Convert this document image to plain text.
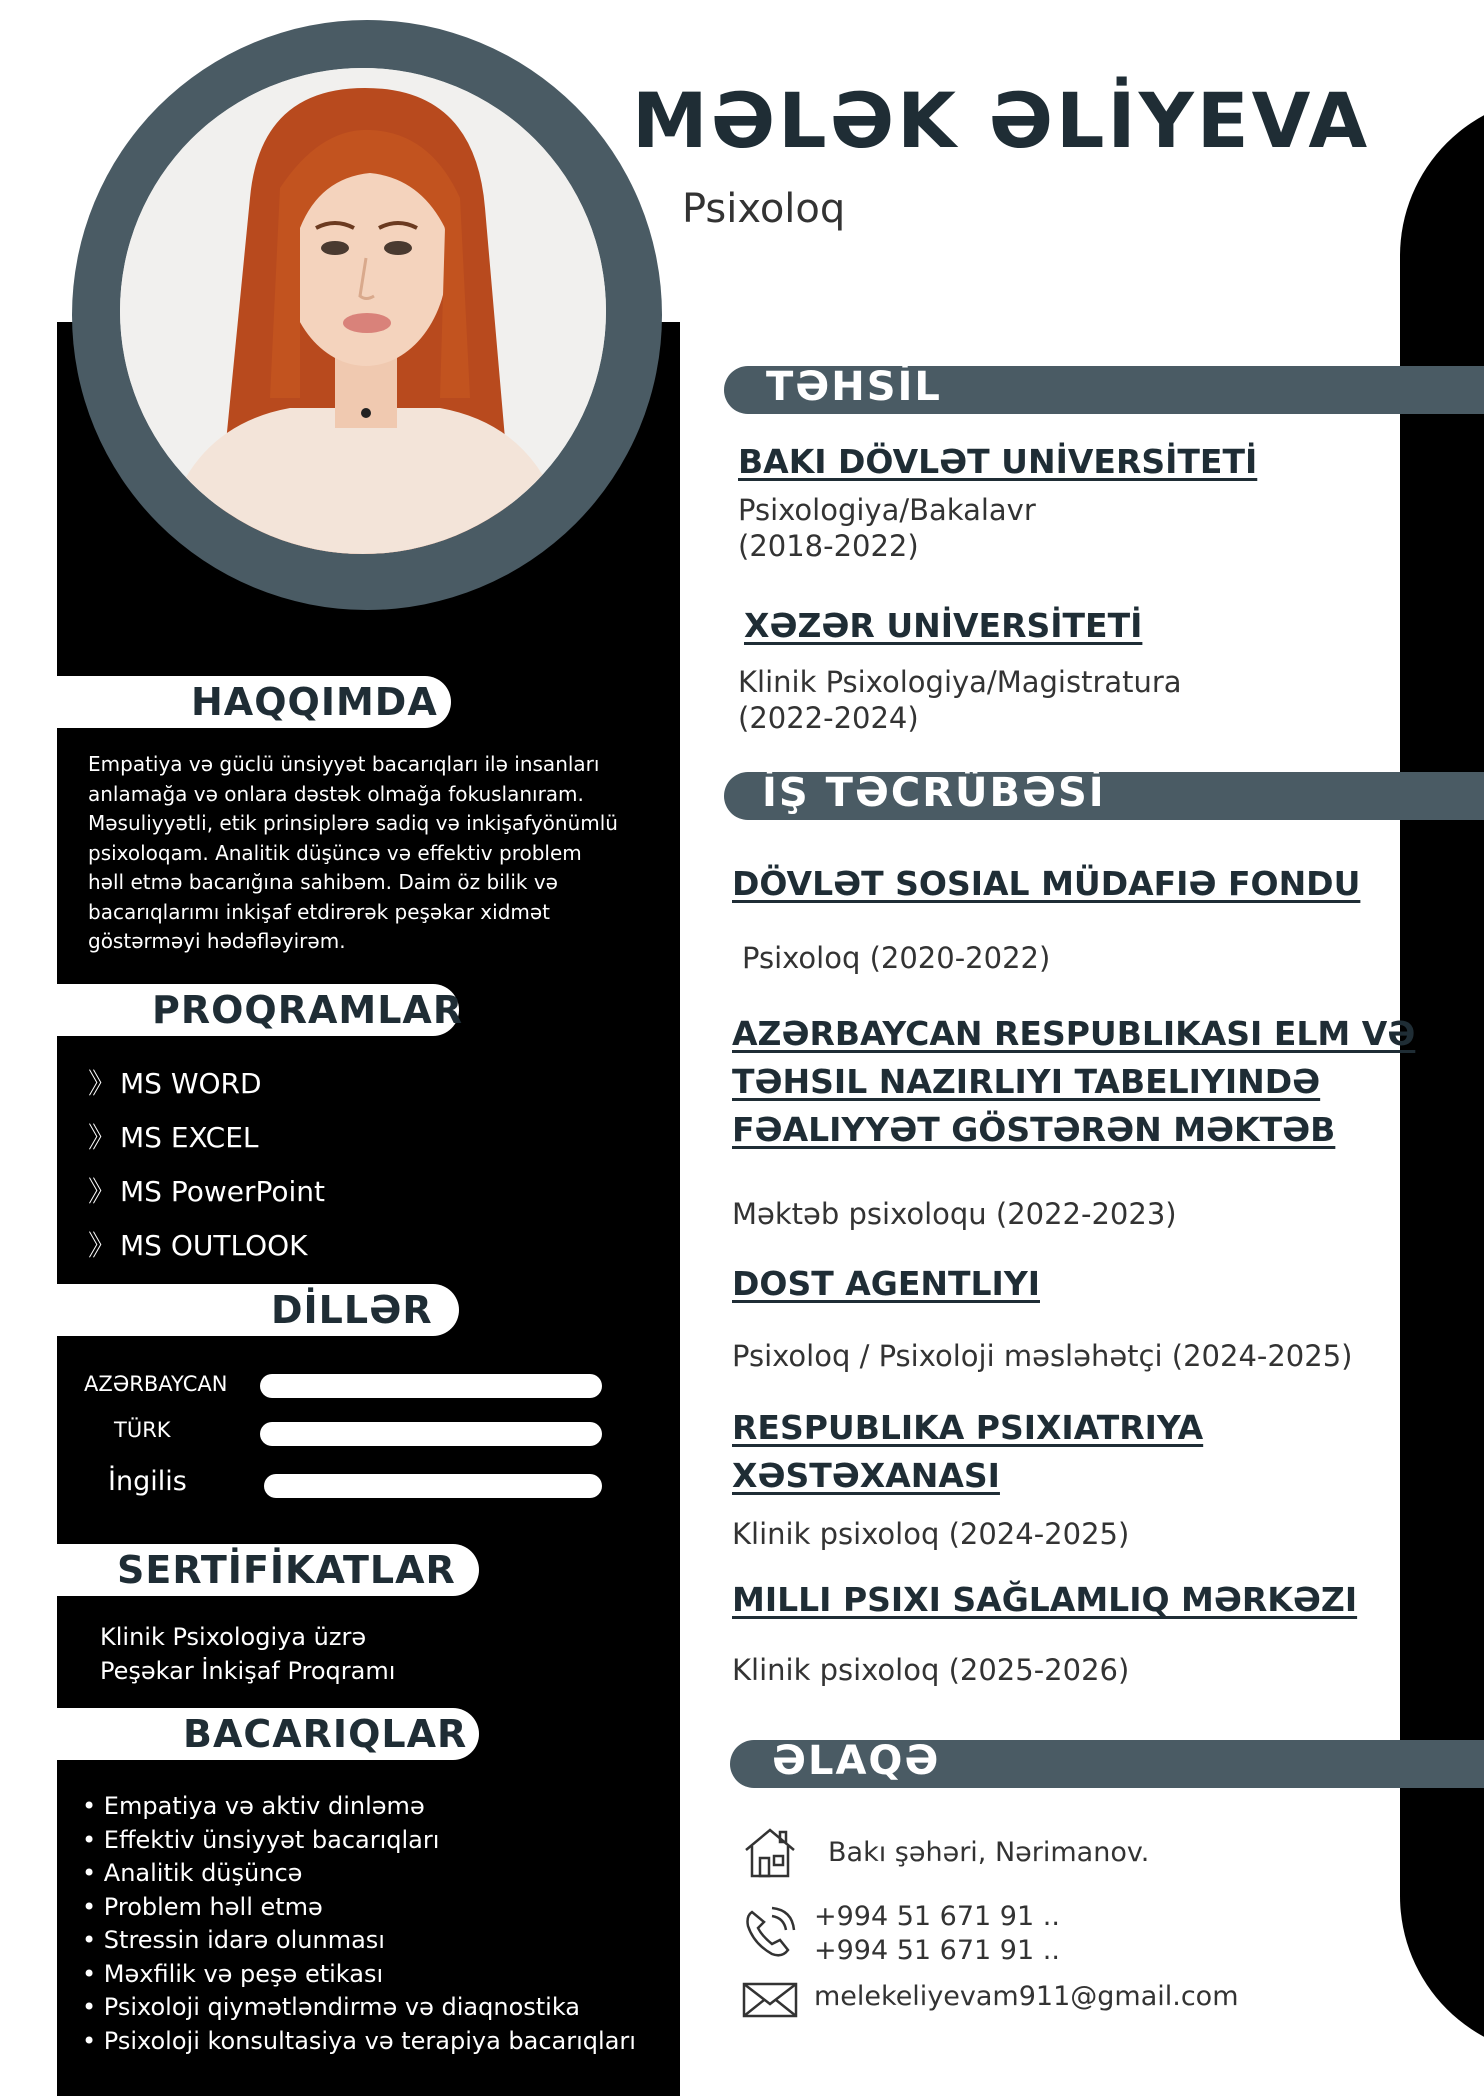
MƏLƏK ƏLİYEVA
Psixoloq
HAQQIMDA
Empatiya və güclü ünsiyyət bacarıqları ilə insanları
anlamağa və onlara dəstək olmağa fokuslanıram.
Məsuliyyətli, etik prinsiplərə sadiq və inkişafyönümlü
psixoloqam. Analitik düşüncə və effektiv problem
həll etmə bacarığına sahibəm. Daim öz bilik və
bacarıqlarımı inkişaf etdirərək peşəkar xidmət
göstərməyi hədəfləyirəm.
PROQRAMLAR
》 MS WORD
》 MS EXCEL
》 MS PowerPoint
》 MS OUTLOOK
DİLLƏR
AZƏRBAYCAN
TÜRK
İngilis
SERTİFİKATLAR
Klinik Psixologiya üzrə
Peşəkar İnkişaf Proqramı
BACARIQLAR
• Empatiya və aktiv dinləmə
• Effektiv ünsiyyət bacarıqları
• Analitik düşüncə
• Problem həll etmə
• Stressin idarə olunması
• Məxfilik və peşə etikası
• Psixoloji qiymətləndirmə və diaqnostika
• Psixoloji konsultasiya və terapiya bacarıqları
TƏHSİL
BAKI DÖVLƏT UNİVERSİTETİ
Psixologiya/Bakalavr
(2018-2022)
XƏZƏR UNİVERSİTETİ
Klinik Psixologiya/Magistratura
(2022-2024)
İŞ TƏCRÜBƏSİ
DÖVLƏT SOSIAL MÜDAFIƏ FONDU
Psixoloq (2020-2022)
AZƏRBAYCAN RESPUBLIKASI ELM VƏ
TƏHSIL NAZIRLIYI TABELIYINDƏ
FƏALIYYƏT GÖSTƏRƏN MƏKTƏB
Məktəb psixoloqu (2022-2023)
DOST AGENTLIYI
Psixoloq / Psixoloji məsləhətçi (2024-2025)
RESPUBLIKA PSIXIATRIYA
XƏSTƏXANASI
Klinik psixoloq (2024-2025)
MILLI PSIXI SAĞLAMLIQ MƏRKƏZI
Klinik psixoloq (2025-2026)
ƏLAQƏ
Bakı şəhəri, Nərimanov.
+994 51 671 91 ..
+994 51 671 91 ..
melekeliyevam911@gmail.com
